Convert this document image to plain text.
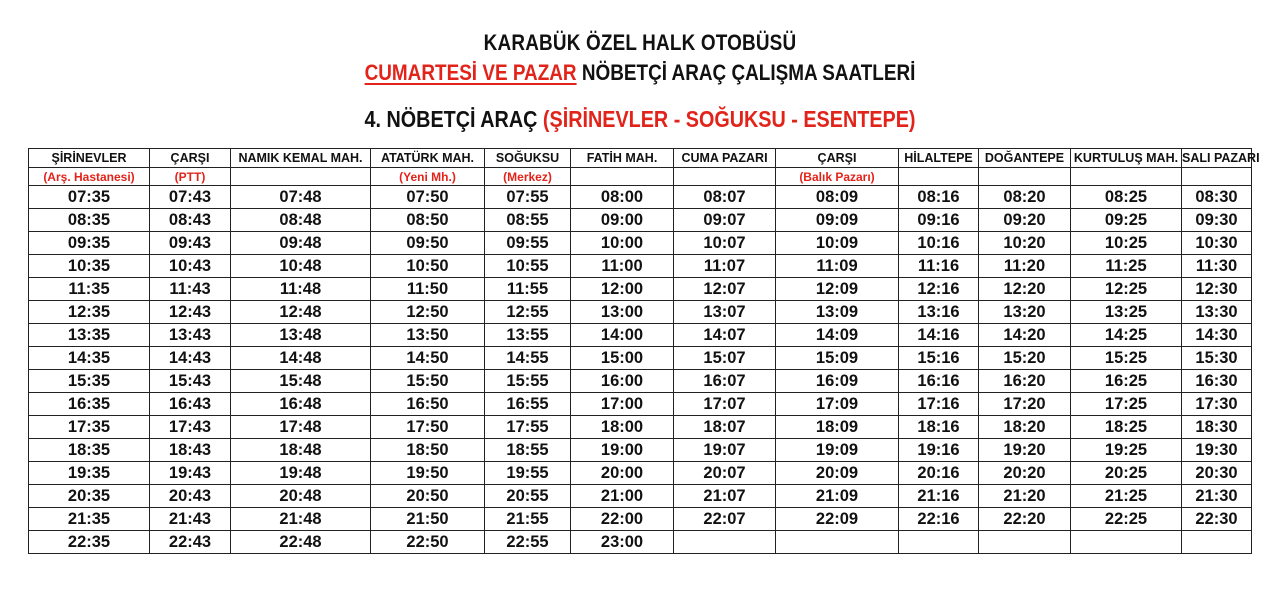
KARABÜK ÖZEL HALK OTOBÜSÜ
CUMARTESİ VE PAZAR NÖBETÇİ ARAÇ ÇALIŞMA SAATLERİ
4. NÖBETÇİ ARAÇ (ŞİRİNEVLER - SOĞUKSU - ESENTEPE)
ŞİRİNEVLER	ÇARŞI	NAMIK KEMAL MAH.	ATATÜRK MAH.	SOĞUKSU	FATİH MAH.	CUMA PAZARI	ÇARŞI	HİLALTEPE	DOĞANTEPE	KURTULUŞ MAH.	SALI PAZARI
(Arş. Hastanesi)	(PTT)		(Yeni Mh.)	(Merkez)			(Balık Pazarı)				
07:35	07:43	07:48	07:50	07:55	08:00	08:07	08:09	08:16	08:20	08:25	08:30
08:35	08:43	08:48	08:50	08:55	09:00	09:07	09:09	09:16	09:20	09:25	09:30
09:35	09:43	09:48	09:50	09:55	10:00	10:07	10:09	10:16	10:20	10:25	10:30
10:35	10:43	10:48	10:50	10:55	11:00	11:07	11:09	11:16	11:20	11:25	11:30
11:35	11:43	11:48	11:50	11:55	12:00	12:07	12:09	12:16	12:20	12:25	12:30
12:35	12:43	12:48	12:50	12:55	13:00	13:07	13:09	13:16	13:20	13:25	13:30
13:35	13:43	13:48	13:50	13:55	14:00	14:07	14:09	14:16	14:20	14:25	14:30
14:35	14:43	14:48	14:50	14:55	15:00	15:07	15:09	15:16	15:20	15:25	15:30
15:35	15:43	15:48	15:50	15:55	16:00	16:07	16:09	16:16	16:20	16:25	16:30
16:35	16:43	16:48	16:50	16:55	17:00	17:07	17:09	17:16	17:20	17:25	17:30
17:35	17:43	17:48	17:50	17:55	18:00	18:07	18:09	18:16	18:20	18:25	18:30
18:35	18:43	18:48	18:50	18:55	19:00	19:07	19:09	19:16	19:20	19:25	19:30
19:35	19:43	19:48	19:50	19:55	20:00	20:07	20:09	20:16	20:20	20:25	20:30
20:35	20:43	20:48	20:50	20:55	21:00	21:07	21:09	21:16	21:20	21:25	21:30
21:35	21:43	21:48	21:50	21:55	22:00	22:07	22:09	22:16	22:20	22:25	22:30
22:35	22:43	22:48	22:50	22:55	23:00						
